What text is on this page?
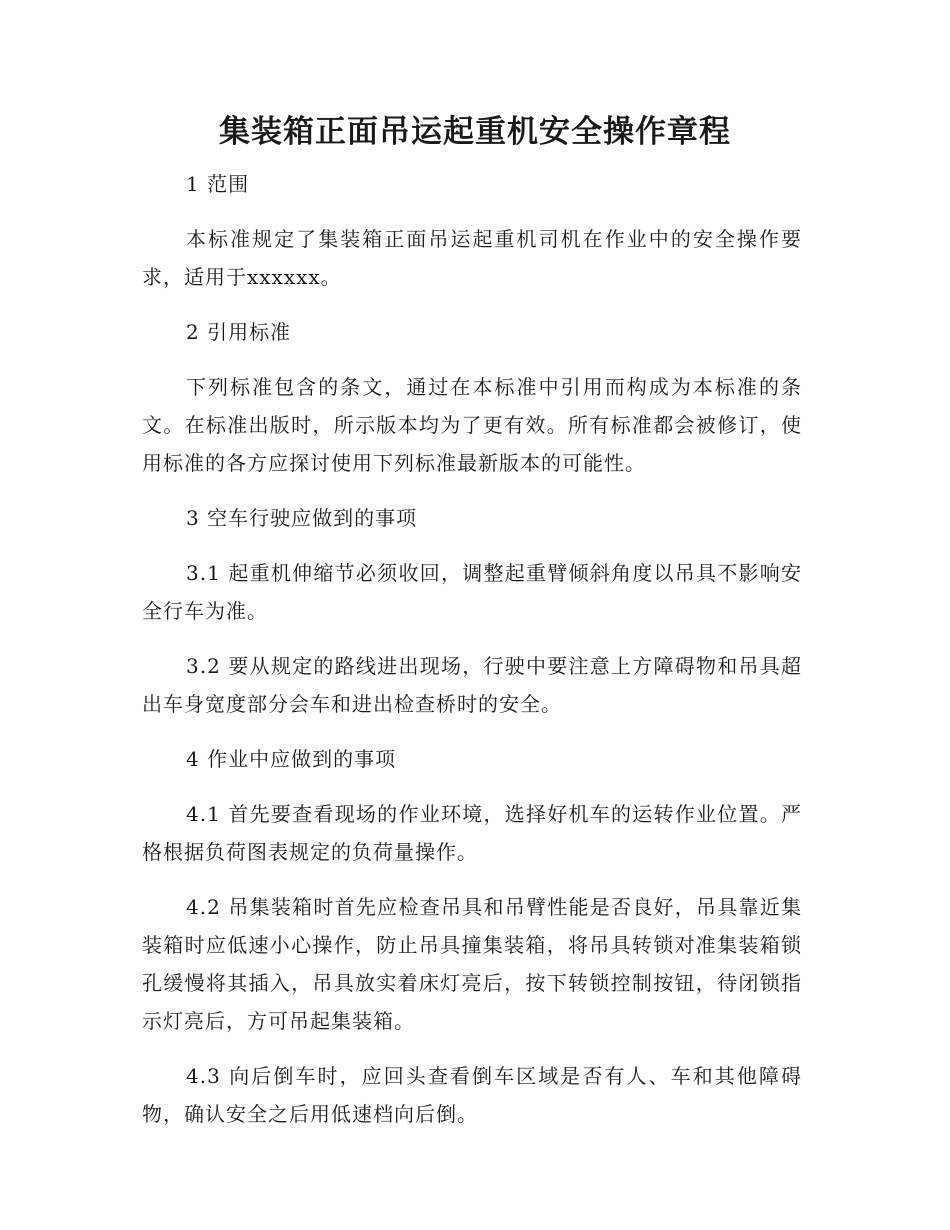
集装箱正面吊运起重机安全操作章程

1 范围

本标准规定了集装箱正面吊运起重机司机在作业中的安全操作要求，适用于xxxxxx。

2 引用标准

下列标准包含的条文，通过在本标准中引用而构成为本标准的条文。在标准出版时，所示版本均为了更有效。所有标准都会被修订，使用标准的各方应探讨使用下列标准最新版本的可能性。

3 空车行驶应做到的事项

3.1 起重机伸缩节必须收回，调整起重臂倾斜角度以吊具不影响安全行车为准。

3.2 要从规定的路线进出现场，行驶中要注意上方障碍物和吊具超出车身宽度部分会车和进出检查桥时的安全。

4 作业中应做到的事项

4.1 首先要查看现场的作业环境，选择好机车的运转作业位置。严格根据负荷图表规定的负荷量操作。

4.2 吊集装箱时首先应检查吊具和吊臂性能是否良好，吊具靠近集装箱时应低速小心操作，防止吊具撞集装箱，将吊具转锁对准集装箱锁孔缓慢将其插入，吊具放实着床灯亮后，按下转锁控制按钮，待闭锁指示灯亮后，方可吊起集装箱。

4.3 向后倒车时，应回头查看倒车区域是否有人、车和其他障碍物，确认安全之后用低速档向后倒。
